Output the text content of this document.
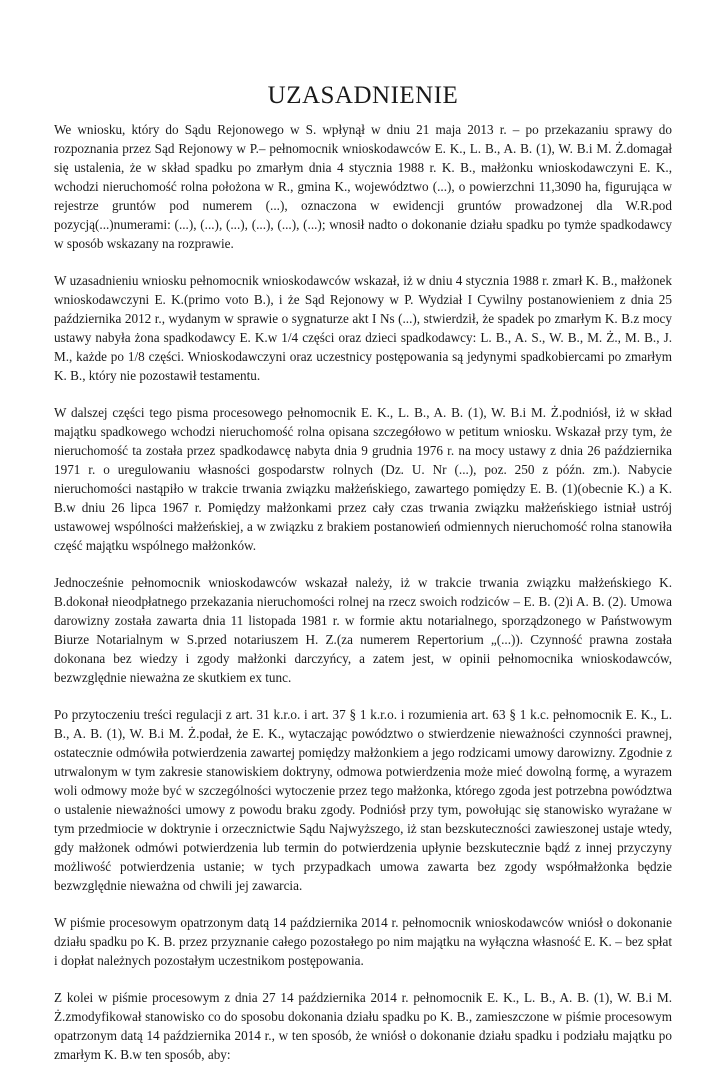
UZASADNIENIE

We wniosku, który do Sądu Rejonowego w S. wpłynął w dniu 21 maja 2013 r. – po przekazaniu sprawy do rozpoznania przez Sąd Rejonowy w P.– pełnomocnik wnioskodawców E. K., L. B., A. B. (1), W. B.i M. Ż.domagał się ustalenia, że w skład spadku po zmarłym dnia 4 stycznia 1988 r. K. B., małżonku wnioskodawczyni E. K., wchodzi nieruchomość rolna położona w R., gmina K., województwo (...), o powierzchni 11,3090 ha, figurująca w rejestrze gruntów pod numerem (...), oznaczona w ewidencji gruntów prowadzonej dla W.R.pod pozycją(...)numerami: (...), (...), (...), (...), (...), (...); wnosił nadto o dokonanie działu spadku po tymże spadkodawcy w sposób wskazany na rozprawie.

W uzasadnieniu wniosku pełnomocnik wnioskodawców wskazał, iż w dniu 4 stycznia 1988 r. zmarł K. B., małżonek wnioskodawczyni E. K.(primo voto B.), i że Sąd Rejonowy w P. Wydział I Cywilny postanowieniem z dnia 25 października 2012 r., wydanym w sprawie o sygnaturze akt I Ns (...), stwierdził, że spadek po zmarłym K. B.z mocy ustawy nabyła żona spadkodawcy E. K.w 1/4 części oraz dzieci spadkodawcy: L. B., A. S., W. B., M. Ż., M. B., J. M., każde po 1/8 części. Wnioskodawczyni oraz uczestnicy postępowania są jedynymi spadkobiercami po zmarłym K. B., który nie pozostawił testamentu.

W dalszej części tego pisma procesowego pełnomocnik E. K., L. B., A. B. (1), W. B.i M. Ż.podniósł, iż w skład majątku spadkowego wchodzi nieruchomość rolna opisana szczegółowo w petitum wniosku. Wskazał przy tym, że nieruchomość ta została przez spadkodawcę nabyta dnia 9 grudnia 1976 r. na mocy ustawy z dnia 26 października 1971 r. o uregulowaniu własności gospodarstw rolnych (Dz. U. Nr (...), poz. 250 z późn. zm.). Nabycie nieruchomości nastąpiło w trakcie trwania związku małżeńskiego, zawartego pomiędzy E. B. (1)(obecnie K.) a K. B.w dniu 26 lipca 1967 r. Pomiędzy małżonkami przez cały czas trwania związku małżeńskiego istniał ustrój ustawowej wspólności małżeńskiej, a w związku z brakiem postanowień odmiennych nieruchomość rolna stanowiła część majątku wspólnego małżonków.

Jednocześnie pełnomocnik wnioskodawców wskazał należy, iż w trakcie trwania związku małżeńskiego K. B.dokonał nieodpłatnego przekazania nieruchomości rolnej na rzecz swoich rodziców – E. B. (2)i A. B. (2). Umowa darowizny została zawarta dnia 11 listopada 1981 r. w formie aktu notarialnego, sporządzonego w Państwowym Biurze Notarialnym w S.przed notariuszem H. Z.(za numerem Repertorium „(...)). Czynność prawna została dokonana bez wiedzy i zgody małżonki darczyńcy, a zatem jest, w opinii pełnomocnika wnioskodawców, bezwzględnie nieważna ze skutkiem ex tunc.

Po przytoczeniu treści regulacji z art. 31 k.r.o. i art. 37 § 1 k.r.o. i rozumienia art. 63 § 1 k.c. pełnomocnik E. K., L. B., A. B. (1), W. B.i M. Ż.podał, że E. K., wytaczając powództwo o stwierdzenie nieważności czynności prawnej, ostatecznie odmówiła potwierdzenia zawartej pomiędzy małżonkiem a jego rodzicami umowy darowizny. Zgodnie z utrwalonym w tym zakresie stanowiskiem doktryny, odmowa potwierdzenia może mieć dowolną formę, a wyrazem woli odmowy może być w szczególności wytoczenie przez tego małżonka, którego zgoda jest potrzebna powództwa o ustalenie nieważności umowy z powodu braku zgody. Podniósł przy tym, powołując się stanowisko wyrażane w tym przedmiocie w doktrynie i orzecznictwie Sądu Najwyższego, iż stan bezskuteczności zawieszonej ustaje wtedy, gdy małżonek odmówi potwierdzenia lub termin do potwierdzenia upłynie bezskutecznie bądź z innej przyczyny możliwość potwierdzenia ustanie; w tych przypadkach umowa zawarta bez zgody współmałżonka będzie bezwzględnie nieważna od chwili jej zawarcia.

W piśmie procesowym opatrzonym datą 14 października 2014 r. pełnomocnik wnioskodawców wniósł o dokonanie działu spadku po K. B. przez przyznanie całego pozostałego po nim majątku na wyłączna własność E. K. – bez spłat i dopłat należnych pozostałym uczestnikom postępowania.

Z kolei w piśmie procesowym z dnia 27 14 października 2014 r. pełnomocnik E. K., L. B., A. B. (1), W. B.i M. Ż.zmodyfikował stanowisko co do sposobu dokonania działu spadku po K. B., zamieszczone w piśmie procesowym opatrzonym datą 14 października 2014 r., w ten sposób, że wniósł o dokonanie działu spadku i podziału majątku po zmarłym K. B.w ten sposób, aby:
